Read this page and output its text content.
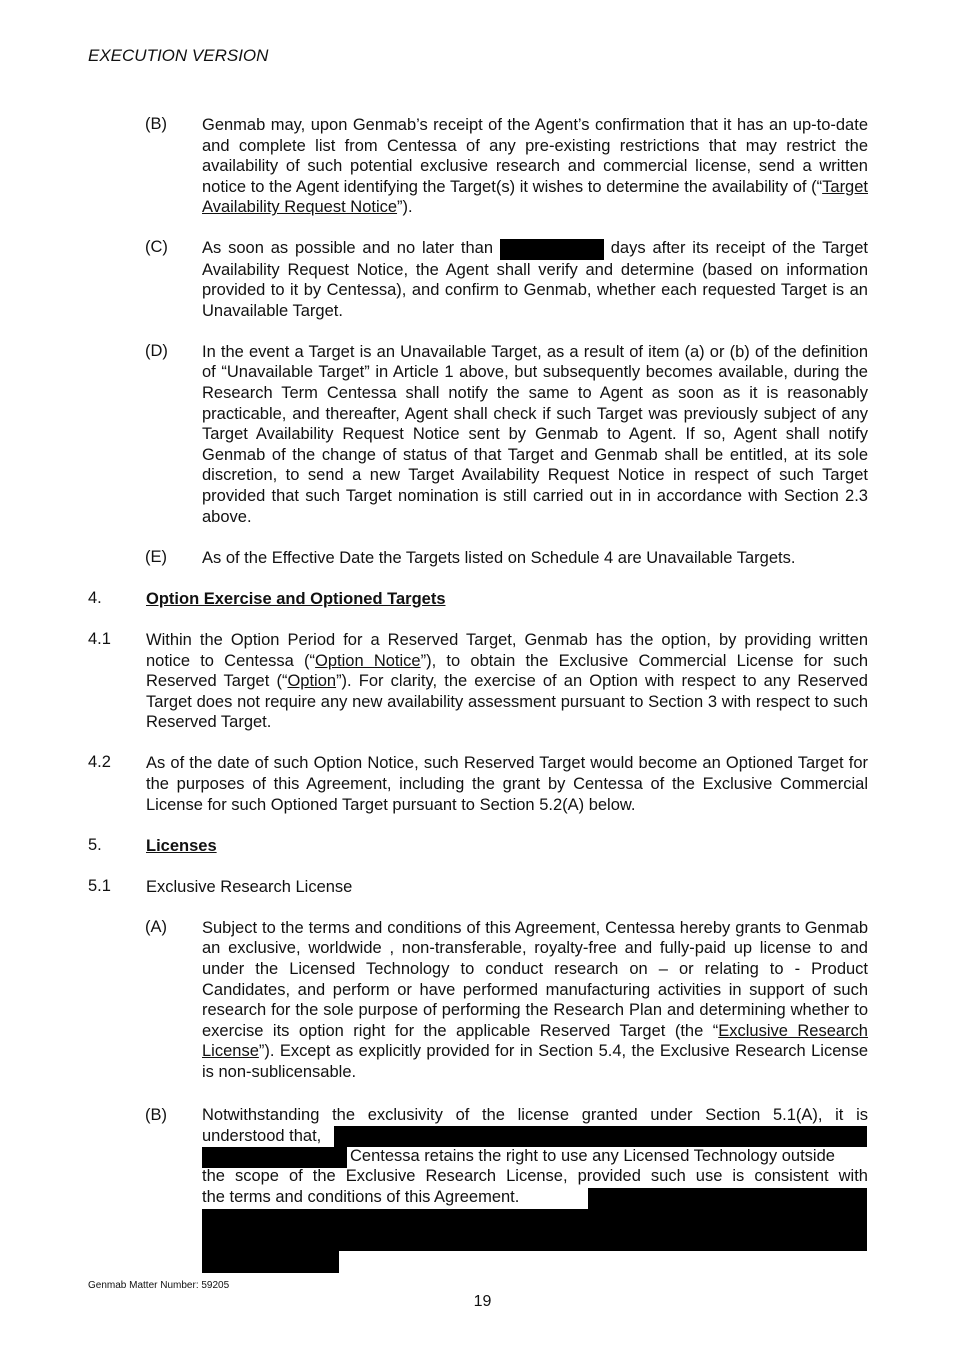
EXECUTION VERSION
(B) Genmab may, upon Genmab’s receipt of the Agent’s confirmation that it has an up-to-date and complete list from Centessa of any pre-existing restrictions that may restrict the availability of such potential exclusive research and commercial license, send a written notice to the Agent identifying the Target(s) it wishes to determine the availability of (“Target Availability Request Notice”).

(C) As soon as possible and no later than	days after its receipt of the Target Availability Request Notice, the Agent shall verify and determine (based on information provided to it by Centessa), and confirm to Genmab, whether each requested Target is an Unavailable Target.

(D) In the event a Target is an Unavailable Target, as a result of item (a) or (b) of the definition of “Unavailable Target” in Article 1 above, but subsequently becomes available, during the Research Term Centessa shall notify the same to Agent as soon as it is reasonably practicable, and thereafter, Agent shall check if such Target was previously subject of any Target Availability Request Notice sent by Genmab to Agent. If so, Agent shall notify Genmab of the change of status of that Target and Genmab shall be entitled, at its sole discretion, to send a new Target Availability Request Notice in respect of such Target provided that such Target nomination is still carried out in in accordance with Section 2.3 above.

(E) As of the Effective Date the Targets listed on Schedule 4 are Unavailable Targets.

4.	Option Exercise and Optioned Targets

4.1 Within the Option Period for a Reserved Target, Genmab has the option, by providing written notice to Centessa (“Option Notice”), to obtain the Exclusive Commercial License for such Reserved Target (“Option”). For clarity, the exercise of an Option with respect to any Reserved Target does not require any new availability assessment pursuant to Section 3 with respect to such Reserved Target.

4.2 As of the date of such Option Notice, such Reserved Target would become an Optioned Target for the purposes of this Agreement, including the grant by Centessa of the Exclusive Commercial License for such Optioned Target pursuant to Section 5.2(A) below.

5.	Licenses

5.1 Exclusive Research License

(A) Subject to the terms and conditions of this Agreement, Centessa hereby grants to Genmab an exclusive, worldwide , non-transferable, royalty-free and fully-paid up license to and under the Licensed Technology to conduct research on – or relating to - Product Candidates, and perform or have performed manufacturing activities in support of such research for the sole purpose of performing the Research Plan and determining whether to exercise its option right for the applicable Reserved Target (the “Exclusive Research License”). Except as explicitly provided for in Section 5.4, the Exclusive Research License is non-sublicensable.

(B) Notwithstanding the exclusivity of the license granted under Section 5.1(A), it is
understood that,
Centessa retains the right to use any Licensed Technology outside
the scope of the Exclusive Research License, provided such use is consistent with
the terms and conditions of this Agreement.
Genmab Matter Number: 59205
19
